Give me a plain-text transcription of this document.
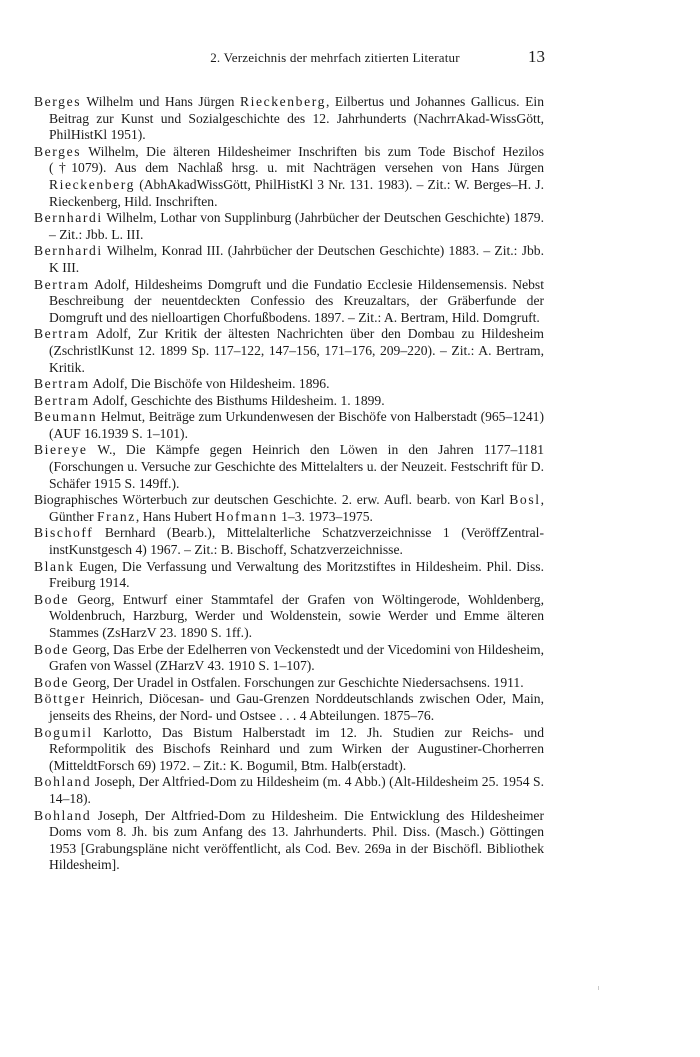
2. Verzeichnis der mehrfach zitierten Literatur	13

Berges Wilhelm und Hans Jürgen Rieckenberg, Eilbertus und Johannes Gallicus. Ein Beitrag zur Kunst und Sozialgeschichte des 12. Jahrhunderts (NachrrAkad-WissGött, PhilHistKl 1951).

Berges Wilhelm, Die älteren Hildesheimer Inschriften bis zum Tode Bischof Hezilos (†1079). Aus dem Nachlaß hrsg. u. mit Nachträgen versehen von Hans Jürgen Rieckenberg (AbhAkadWissGött, PhilHistKl 3 Nr. 131. 1983). – Zit.: W. Berges–H. J. Rieckenberg, Hild. Inschriften.

Bernhardi Wilhelm, Lothar von Supplinburg (Jahrbücher der Deutschen Geschichte) 1879. – Zit.: Jbb. L. III.

Bernhardi Wilhelm, Konrad III. (Jahrbücher der Deutschen Geschichte) 1883. – Zit.: Jbb. K III.

Bertram Adolf, Hildesheims Domgruft und die Fundatio Ecclesie Hildensemensis. Nebst Beschreibung der neuentdeckten Confessio des Kreuzaltars, der Gräberfunde der Domgruft und des nielloartigen Chorfußbodens. 1897. – Zit.: A. Bertram, Hild. Domgruft.

Bertram Adolf, Zur Kritik der ältesten Nachrichten über den Dombau zu Hildesheim (ZschristlKunst 12. 1899 Sp. 117–122, 147–156, 171–176, 209–220). – Zit.: A. Bertram, Kritik.

Bertram Adolf, Die Bischöfe von Hildesheim. 1896.

Bertram Adolf, Geschichte des Bisthums Hildesheim. 1. 1899.

Beumann Helmut, Beiträge zum Urkundenwesen der Bischöfe von Halberstadt (965–1241) (AUF 16.1939 S. 1–101).

Biereye W., Die Kämpfe gegen Heinrich den Löwen in den Jahren 1177–1181 (Forschungen u. Versuche zur Geschichte des Mittelalters u. der Neuzeit. Festschrift für D. Schäfer 1915 S. 149ff.).

Biographisches Wörterbuch zur deutschen Geschichte. 2. erw. Aufl. bearb. von Karl Bosl, Günther Franz, Hans Hubert Hofmann 1–3. 1973–1975.

Bischoff Bernhard (Bearb.), Mittelalterliche Schatzverzeichnisse 1 (VeröffZentral-instKunstgesch 4) 1967. – Zit.: B. Bischoff, Schatzverzeichnisse.

Blank Eugen, Die Verfassung und Verwaltung des Moritzstiftes in Hildesheim. Phil. Diss. Freiburg 1914.

Bode Georg, Entwurf einer Stammtafel der Grafen von Wöltingerode, Wohldenberg, Woldenbruch, Harzburg, Werder und Woldenstein, sowie Werder und Emme älteren Stammes (ZsHarzV 23. 1890 S. 1ff.).

Bode Georg, Das Erbe der Edelherren von Veckenstedt und der Vicedomini von Hildesheim, Grafen von Wassel (ZHarzV 43. 1910 S. 1–107).

Bode Georg, Der Uradel in Ostfalen. Forschungen zur Geschichte Niedersachsens. 1911.

Böttger Heinrich, Diöcesan- und Gau-Grenzen Norddeutschlands zwischen Oder, Main, jenseits des Rheins, der Nord- und Ostsee . . . 4 Abteilungen. 1875–76.

Bogumil Karlotto, Das Bistum Halberstadt im 12. Jh. Studien zur Reichs- und Reformpolitik des Bischofs Reinhard und zum Wirken der Augustiner-Chorherren (MitteldtForsch 69) 1972. – Zit.: K. Bogumil, Btm. Halb(erstadt).

Bohland Joseph, Der Altfried-Dom zu Hildesheim (m. 4 Abb.) (Alt-Hildesheim 25. 1954 S. 14–18).

Bohland Joseph, Der Altfried-Dom zu Hildesheim. Die Entwicklung des Hildesheimer Doms vom 8. Jh. bis zum Anfang des 13. Jahrhunderts. Phil. Diss. (Masch.) Göttingen 1953 [Grabungspläne nicht veröffentlicht, als Cod. Bev. 269a in der Bischöfl. Bibliothek Hildesheim].
